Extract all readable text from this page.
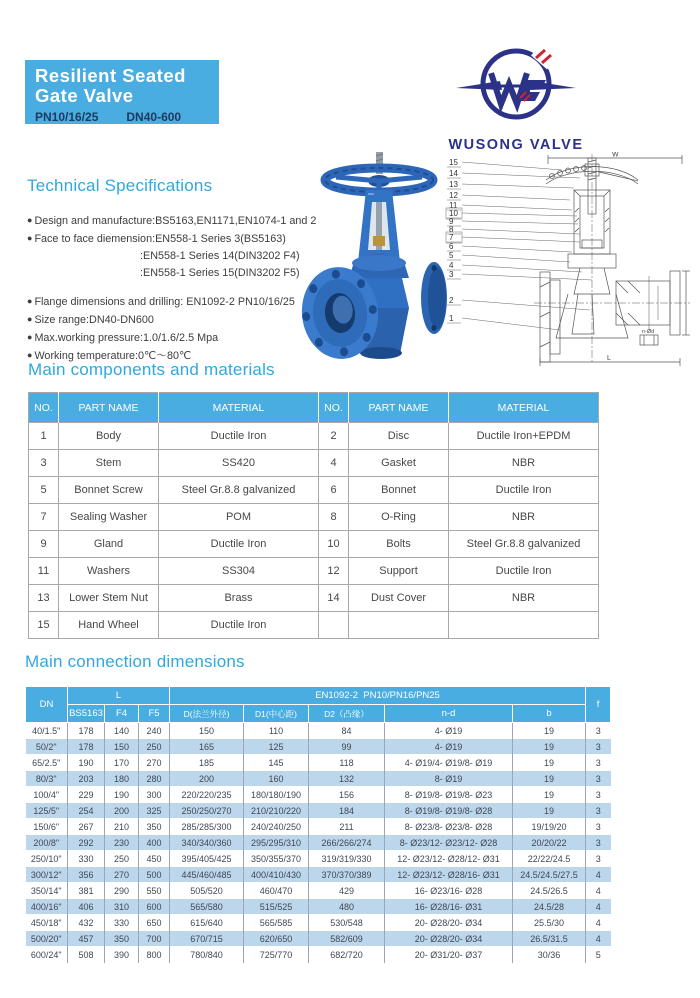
Resilient Seated
Gate Valve
PN10/16/25 DN40-600
WUSONG VALVE
Technical Specifications
● Design and manufacture:BS5163,EN1171,EN1074-1 and 2
● Face to face diemension:EN558-1 Series 3(BS5163)
:EN558-1 Series 14(DIN3202 F4)
:EN558-1 Series 15(DIN3202 F5)
● Flange dimensions and drilling: EN1092-2 PN10/16/25
● Size range:DN40-DN600
● Max.working pressure:1.0/1.6/2.5 Mpa
● Working temperature:0℃～80℃
W
L
n-Ød
15
14
13
12
11
10
9
8
7
6
5
4
3
2
1
Main components and materials
NO.	PART NAME	MATERIAL	NO.	PART NAME	MATERIAL
1	Body	Ductile Iron	2	Disc	Ductile Iron+EPDM
3	Stem	SS420	4	Gasket	NBR
5	Bonnet Screw	Steel Gr.8.8 galvanized	6	Bonnet	Ductile Iron
7	Sealing Washer	POM	8	O-Ring	NBR
9	Gland	Ductile Iron	10	Bolts	Steel Gr.8.8 galvanized
11	Washers	SS304	12	Support	Ductile Iron
13	Lower Stem Nut	Brass	14	Dust Cover	NBR
15	Hand Wheel	Ductile Iron			
Main connection dimensions
DN	L			EN1092-2  PN10/PN16/PN25					f
	BS5163	F4	F5	D(法兰外径)	D1(中心距)	D2（凸缘）	n-d	b	
40/1.5"	178	140	240	150	110	84	4- Ø19	19	3
50/2"	178	150	250	165	125	99	4- Ø19	19	3
65/2.5"	190	170	270	185	145	118	4- Ø19/4- Ø19/8- Ø19	19	3
80/3"	203	180	280	200	160	132	8- Ø19	19	3
100/4"	229	190	300	220/220/235	180/180/190	156	8- Ø19/8- Ø19/8- Ø23	19	3
125/5"	254	200	325	250/250/270	210/210/220	184	8- Ø19/8- Ø19/8- Ø28	19	3
150/6"	267	210	350	285/285/300	240/240/250	211	8- Ø23/8- Ø23/8- Ø28	19/19/20	3
200/8"	292	230	400	340/340/360	295/295/310	266/266/274	8- Ø23/12- Ø23/12- Ø28	20/20/22	3
250/10"	330	250	450	395/405/425	350/355/370	319/319/330	12- Ø23/12- Ø28/12- Ø31	22/22/24.5	3
300/12"	356	270	500	445/460/485	400/410/430	370/370/389	12- Ø23/12- Ø28/16- Ø31	24.5/24.5/27.5	4
350/14"	381	290	550	505/520	460/470	429	16- Ø23/16- Ø28	24.5/26.5	4
400/16"	406	310	600	565/580	515/525	480	16- Ø28/16- Ø31	24.5/28	4
450/18"	432	330	650	615/640	565/585	530/548	20- Ø28/20- Ø34	25.5/30	4
500/20"	457	350	700	670/715	620/650	582/609	20- Ø28/20- Ø34	26.5/31.5	4
600/24"	508	390	800	780/840	725/770	682/720	20- Ø31/20- Ø37	30/36	5
